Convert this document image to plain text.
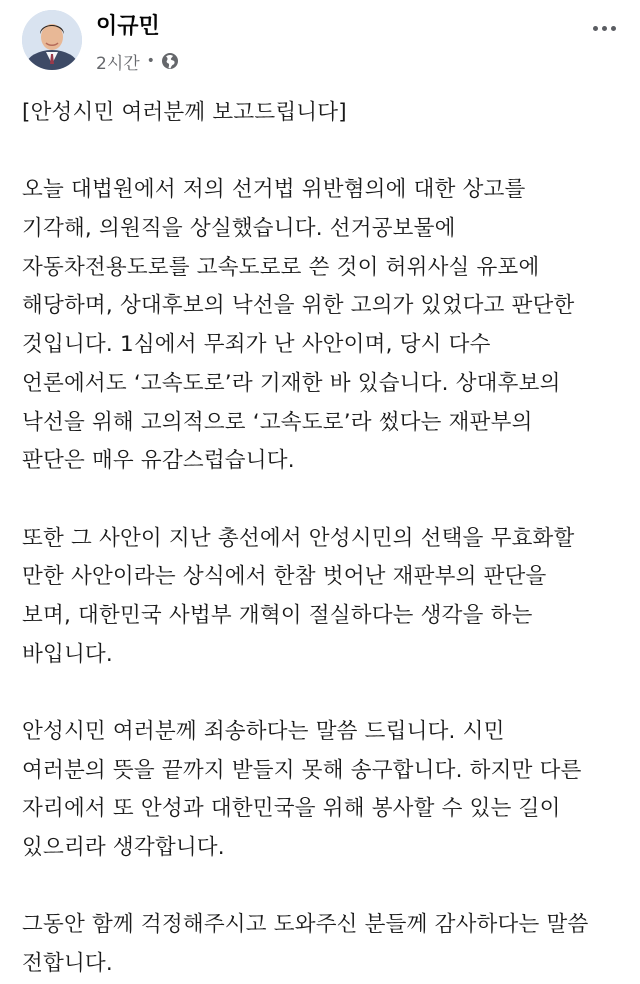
이규민
2시간 •
[안성시민 여러분께 보고드립니다]
오늘 대법원에서 저의 선거법 위반혐의에 대한 상고를
기각해, 의원직을 상실했습니다. 선거공보물에
자동차전용도로를 고속도로로 쓴 것이 허위사실 유포에
해당하며, 상대후보의 낙선을 위한 고의가 있었다고 판단한
것입니다. 1심에서 무죄가 난 사안이며, 당시 다수
언론에서도 ‘고속도로’라 기재한 바 있습니다. 상대후보의
낙선을 위해 고의적으로 ‘고속도로’라 썼다는 재판부의
판단은 매우 유감스럽습니다.
또한 그 사안이 지난 총선에서 안성시민의 선택을 무효화할
만한 사안이라는 상식에서 한참 벗어난 재판부의 판단을
보며, 대한민국 사법부 개혁이 절실하다는 생각을 하는
바입니다.
안성시민 여러분께 죄송하다는 말씀 드립니다. 시민
여러분의 뜻을 끝까지 받들지 못해 송구합니다. 하지만 다른
자리에서 또 안성과 대한민국을 위해 봉사할 수 있는 길이
있으리라 생각합니다.
그동안 함께 걱정해주시고 도와주신 분들께 감사하다는 말씀
전합니다.
